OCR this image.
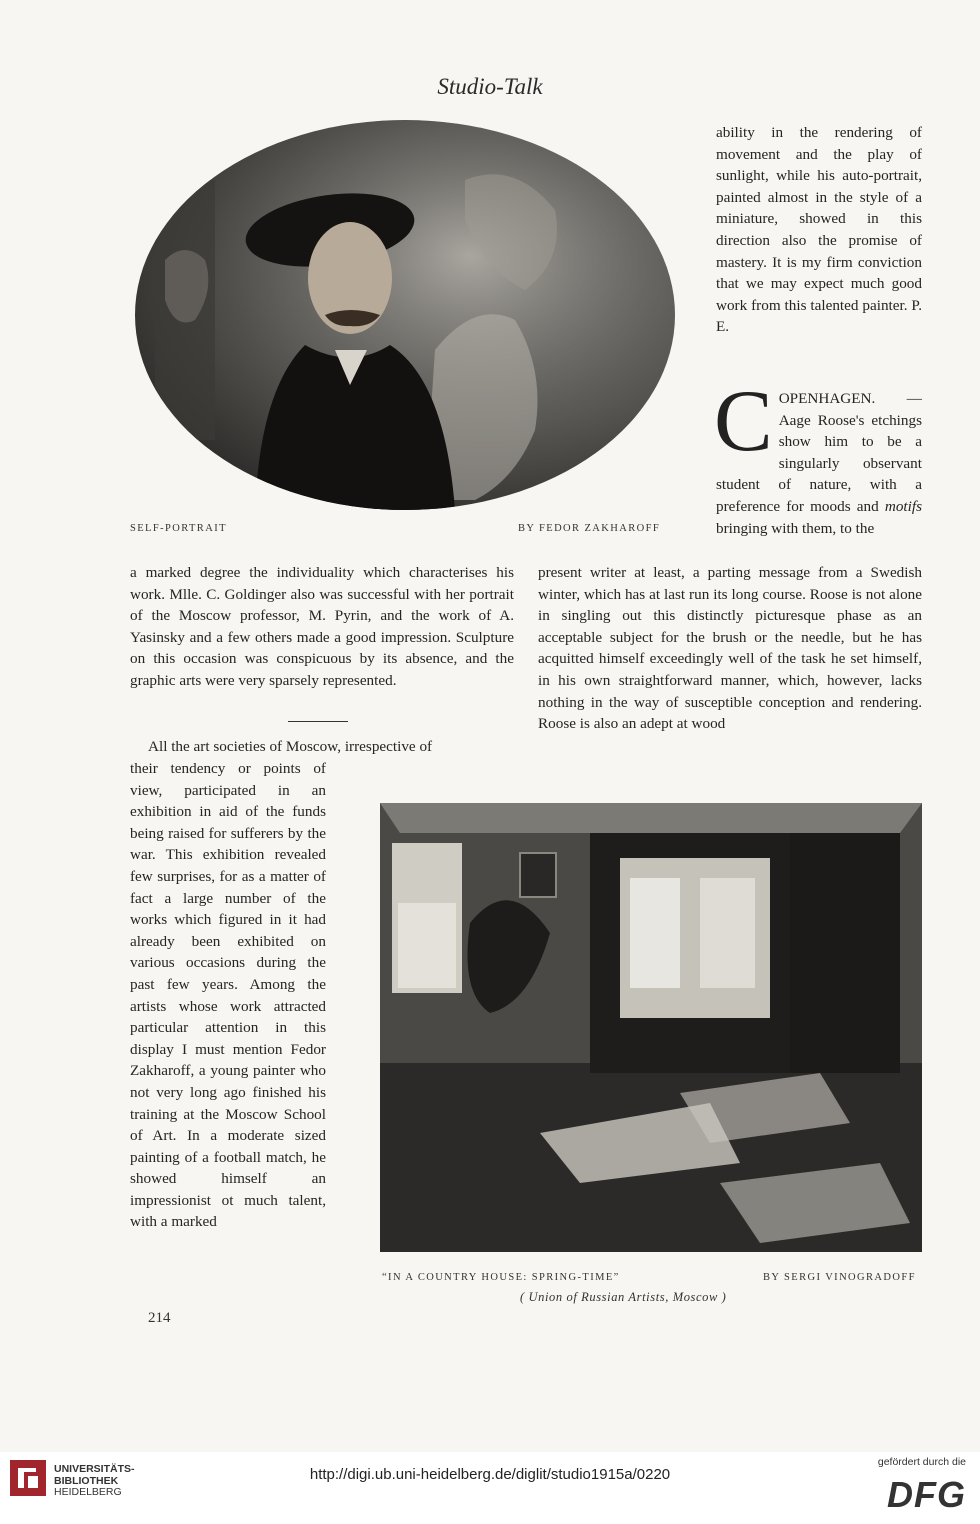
Studio-Talk
SELF-PORTRAIT	BY FEDOR ZAKHAROFF
ability in the rendering of movement and the play of sunlight, while his auto-portrait, painted almost in the style of a miniature, showed in this direction also the promise of mastery. It is my firm conviction that we may expect much good work from this talented painter. P. E.
COPENHAGEN. —Aage Roose's etchings show him to be a singularly observant student of nature, with a preference for moods and motifs bringing with them, to the
a marked degree the individuality which characterises his work. Mlle. C. Goldinger also was successful with her portrait of the Moscow professor, M. Pyrin, and the work of A. Yasinsky and a few others made a good impression. Sculpture on this occasion was conspicuous by its absence, and the graphic arts were very sparsely represented.
present writer at least, a parting message from a Swedish winter, which has at last run its long course. Roose is not alone in singling out this distinctly picturesque phase as an acceptable subject for the brush or the needle, but he has acquitted himself exceedingly well of the task he set himself, in his own straightforward manner, which, however, lacks nothing in the way of susceptible conception and rendering. Roose is also an adept at wood
All the art societies of Moscow, irrespective of
their tendency or points of view, participated in an exhibition in aid of the funds being raised for sufferers by the war. This exhibition revealed few surprises, for as a matter of fact a large number of the works which figured in it had already been exhibited on various occasions during the past few years. Among the artists whose work attracted particular attention in this display I must mention Fedor Zakharoff, a young painter who not very long ago finished his training at the Moscow School of Art. In a moderate sized painting of a football match, he showed himself an impressionist ot much talent, with a marked
“IN A COUNTRY HOUSE: SPRING-TIME”	BY SERGI VINOGRADOFF
( Union of Russian Artists, Moscow )
214
UNIVERSITÄTS-
BIBLIOTHEK
HEIDELBERG
http://digi.ub.uni-heidelberg.de/diglit/studio1915a/0220
gefördert durch die
DFG
